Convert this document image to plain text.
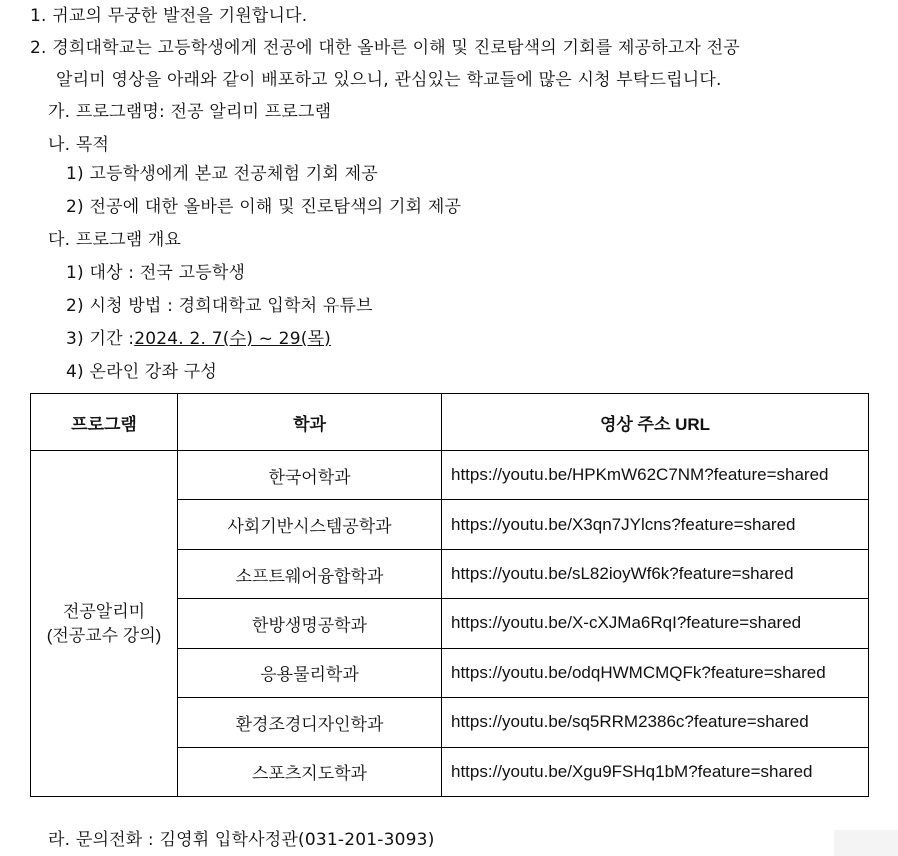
1. 귀교의 무궁한 발전을 기원합니다.
2. 경희대학교는 고등학생에게 전공에 대한 올바른 이해 및 진로탐색의 기회를 제공하고자 전공
알리미 영상을 아래와 같이 배포하고 있으니, 관심있는 학교들에 많은 시청 부탁드립니다.
가. 프로그램명: 전공 알리미 프로그램
나. 목적
1) 고등학생에게 본교 전공체험 기회 제공
2) 전공에 대한 올바른 이해 및 진로탐색의 기회 제공
다. 프로그램 개요
1) 대상 : 전국 고등학생
2) 시청 방법 : 경희대학교 입학처 유튜브
3) 기간 :2024. 2. 7(수) ~ 29(목)
4) 온라인 강좌 구성
프로그램	학과	영상 주소 URL
전공알리미
(전공교수 강의)	한국어학과	https://youtu.be/HPKmW62C7NM?feature=shared
	사회기반시스템공학과	https://youtu.be/X3qn7JYlcns?feature=shared
	소프트웨어융합학과	https://youtu.be/sL82ioyWf6k?feature=shared
	한방생명공학과	https://youtu.be/X-cXJMa6RqI?feature=shared
	응용물리학과	https://youtu.be/odqHWMCMQFk?feature=shared
	환경조경디자인학과	https://youtu.be/sq5RRM2386c?feature=shared
	스포츠지도학과	https://youtu.be/Xgu9FSHq1bM?feature=shared
라. 문의전화 : 김영휘 입학사정관(031-201-3093)
